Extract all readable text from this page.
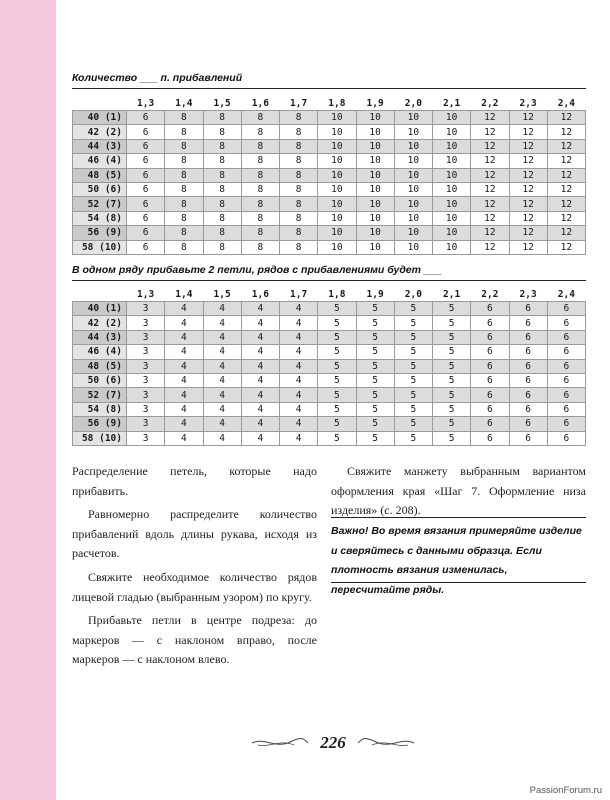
Количество ___ п. прибавлений
	1,3	1,4	1,5	1,6	1,7	1,8	1,9	2,0	2,1	2,2	2,3	2,4
40 (1)	6	8	8	8	8	10	10	10	10	12	12	12
42 (2)	6	8	8	8	8	10	10	10	10	12	12	12
44 (3)	6	8	8	8	8	10	10	10	10	12	12	12
46 (4)	6	8	8	8	8	10	10	10	10	12	12	12
48 (5)	6	8	8	8	8	10	10	10	10	12	12	12
50 (6)	6	8	8	8	8	10	10	10	10	12	12	12
52 (7)	6	8	8	8	8	10	10	10	10	12	12	12
54 (8)	6	8	8	8	8	10	10	10	10	12	12	12
56 (9)	6	8	8	8	8	10	10	10	10	12	12	12
58 (10)	6	8	8	8	8	10	10	10	10	12	12	12
В одном ряду прибавьте 2 петли, рядов с прибавлениями будет ___
	1,3	1,4	1,5	1,6	1,7	1,8	1,9	2,0	2,1	2,2	2,3	2,4
40 (1)	3	4	4	4	4	5	5	5	5	6	6	6
42 (2)	3	4	4	4	4	5	5	5	5	6	6	6
44 (3)	3	4	4	4	4	5	5	5	5	6	6	6
46 (4)	3	4	4	4	4	5	5	5	5	6	6	6
48 (5)	3	4	4	4	4	5	5	5	5	6	6	6
50 (6)	3	4	4	4	4	5	5	5	5	6	6	6
52 (7)	3	4	4	4	4	5	5	5	5	6	6	6
54 (8)	3	4	4	4	4	5	5	5	5	6	6	6
56 (9)	3	4	4	4	4	5	5	5	5	6	6	6
58 (10)	3	4	4	4	4	5	5	5	5	6	6	6

Распределение петель, которые надо прибавить.

Равномерно распределите количество прибавлений вдоль длины рукава, исходя из расчетов.

Свяжите необходимое количество рядов лицевой гладью (выбранным узором) по кругу.

Прибавьте петли в центре подреза: до маркеров — с наклоном вправо, после маркеров — с наклоном влево.

Свяжите манжету выбранным вариантом оформления края «Шаг 7. Оформление низа изделия» (с. 208).

Важно! Во время вязания примеряйте изделие и сверяйтесь с данными образца. Если плотность вязания изменилась, пересчитайте ряды.
226
PassionForum.ru
